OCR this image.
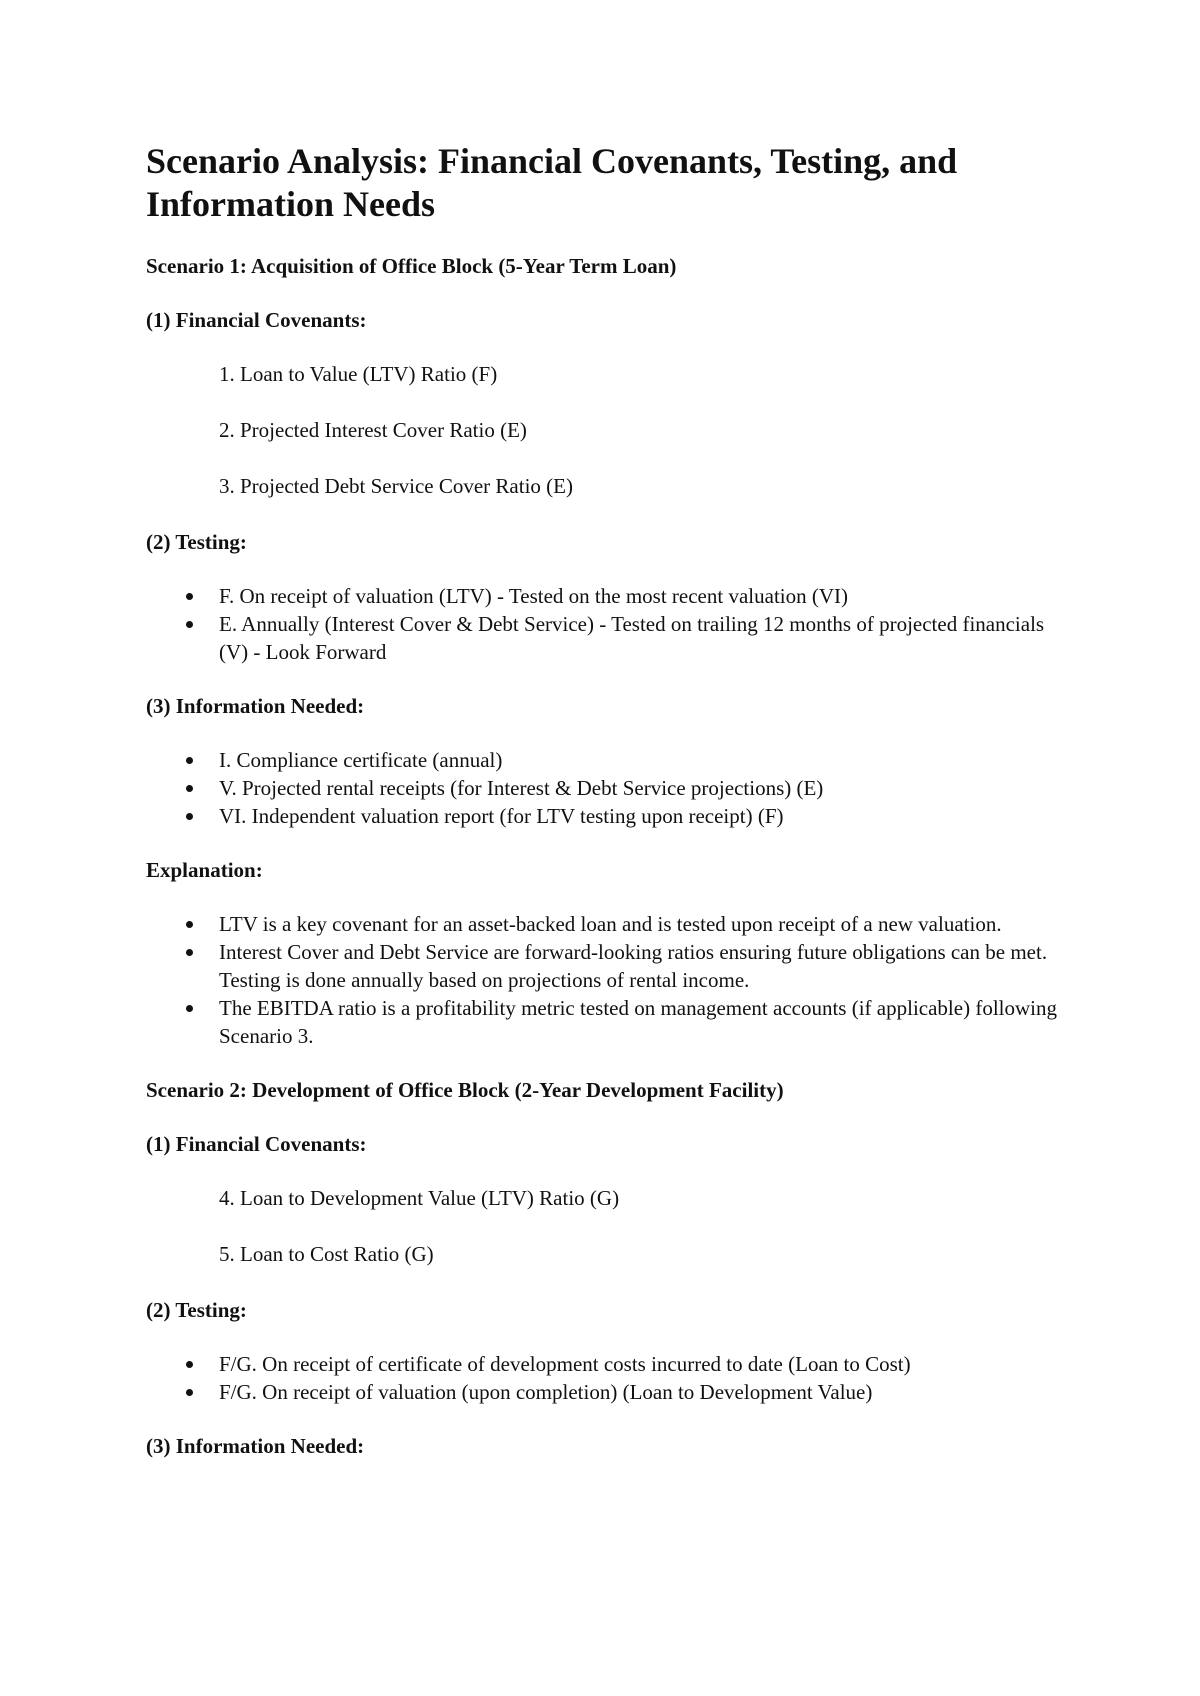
Scenario Analysis: Financial Covenants, Testing, and Information Needs
Scenario 1: Acquisition of Office Block (5-Year Term Loan)
(1) Financial Covenants:
1. Loan to Value (LTV) Ratio (F)
2. Projected Interest Cover Ratio (E)
3. Projected Debt Service Cover Ratio (E)
(2) Testing:
F. On receipt of valuation (LTV) - Tested on the most recent valuation (VI)
E. Annually (Interest Cover & Debt Service) - Tested on trailing 12 months of projected financials (V) - Look Forward
(3) Information Needed:
I. Compliance certificate (annual)
V. Projected rental receipts (for Interest & Debt Service projections) (E)
VI. Independent valuation report (for LTV testing upon receipt) (F)
Explanation:
LTV is a key covenant for an asset-backed loan and is tested upon receipt of a new valuation.
Interest Cover and Debt Service are forward-looking ratios ensuring future obligations can be met. Testing is done annually based on projections of rental income.
The EBITDA ratio is a profitability metric tested on management accounts (if applicable) following Scenario 3.
Scenario 2: Development of Office Block (2-Year Development Facility)
(1) Financial Covenants:
4. Loan to Development Value (LTV) Ratio (G)
5. Loan to Cost Ratio (G)
(2) Testing:
F/G. On receipt of certificate of development costs incurred to date (Loan to Cost)
F/G. On receipt of valuation (upon completion) (Loan to Development Value)
(3) Information Needed:
